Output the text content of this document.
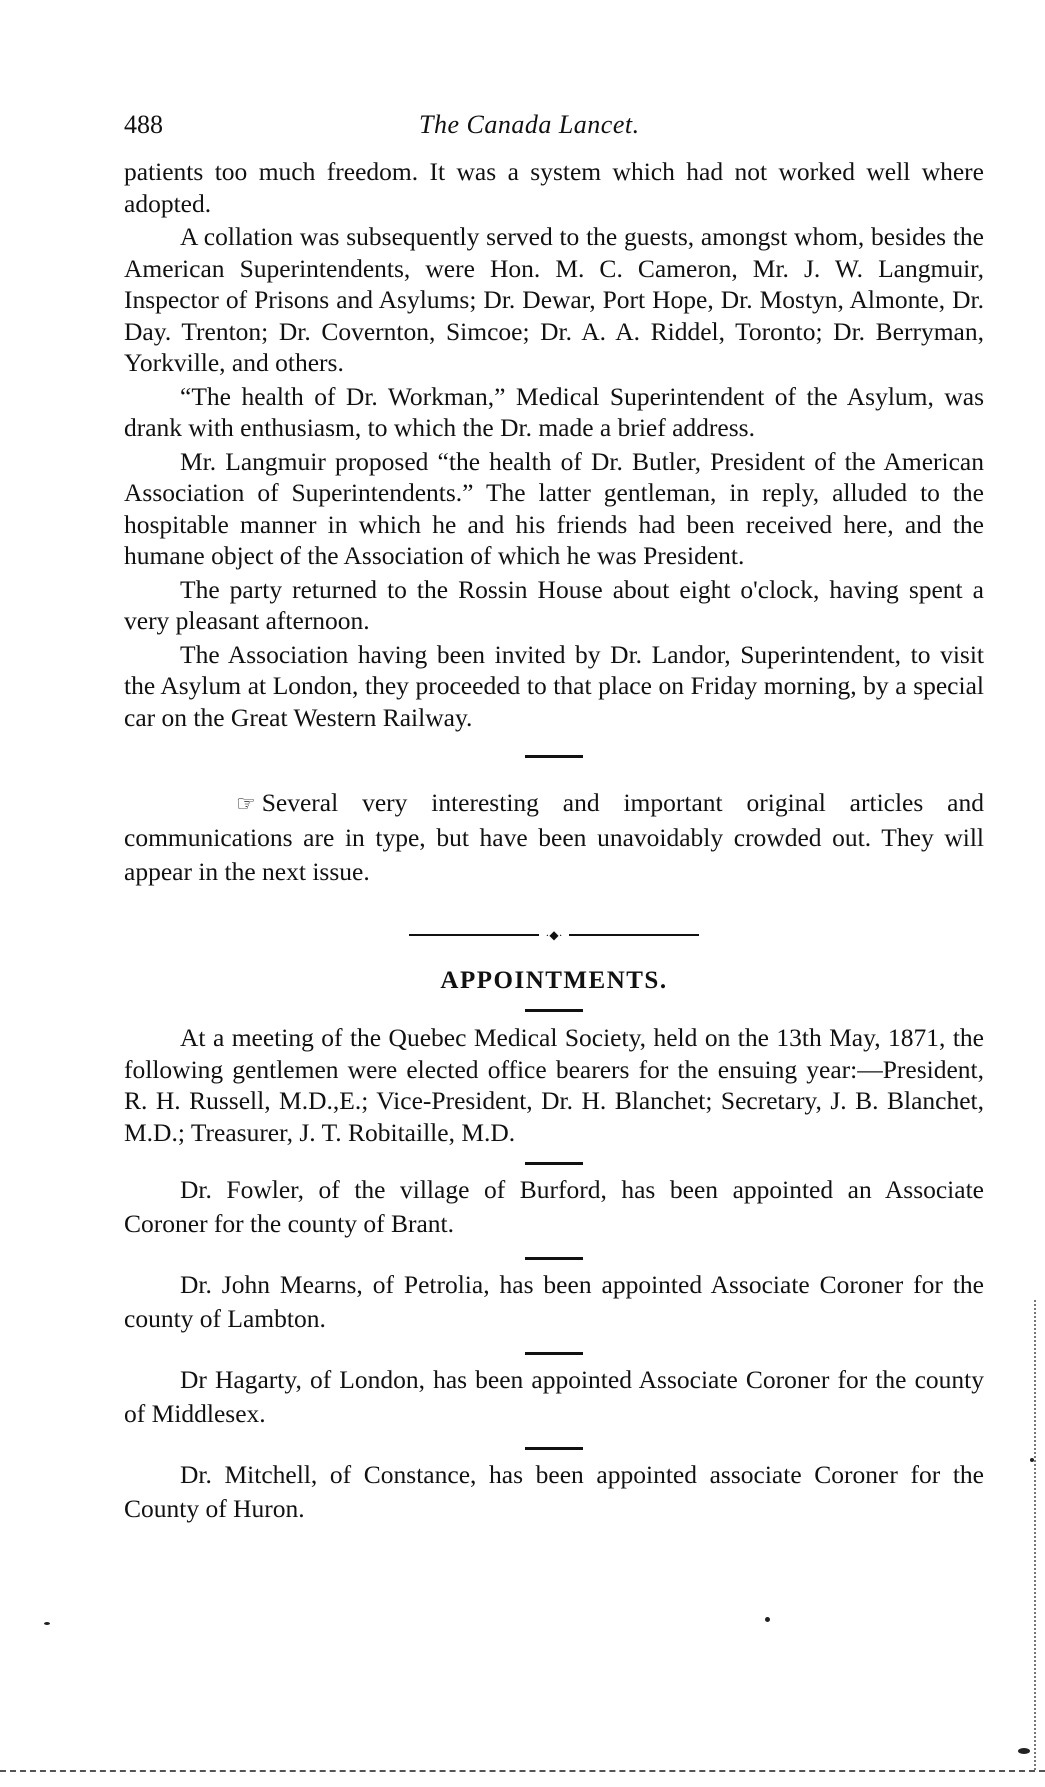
488	The Canada Lancet.

patients too much freedom. It was a system which had not worked well where adopted.

A collation was subsequently served to the guests, amongst whom, besides the American Superintendents, were Hon. M. C. Cameron, Mr. J. W. Langmuir, Inspector of Prisons and Asylums; Dr. Dewar, Port Hope, Dr. Mostyn, Almonte, Dr. Day. Trenton; Dr. Covernton, Simcoe; Dr. A. A. Riddel, Toronto; Dr. Berryman, Yorkville, and others.

“The health of Dr. Workman,” Medical Superintendent of the Asylum, was drank with enthusiasm, to which the Dr. made a brief address.

Mr. Langmuir proposed “the health of Dr. Butler, President of the American Association of Superintendents.” The latter gentleman, in reply, alluded to the hospitable manner in which he and his friends had been received here, and the humane object of the Association of which he was President.

The party returned to the Rossin House about eight o'clock, having spent a very pleasant afternoon.

The Association having been invited by Dr. Landor, Superintendent, to visit the Asylum at London, they proceeded to that place on Friday morning, by a special car on the Great Western Railway.

☞ Several very interesting and important original articles and communications are in type, but have been unavoidably crowded out. They will appear in the next issue.

·◆·
APPOINTMENTS.

At a meeting of the Quebec Medical Society, held on the 13th May, 1871, the following gentlemen were elected office bearers for the ensuing year:—President, R. H. Russell, M.D.,E.; Vice-President, Dr. H. Blanchet; Secretary, J. B. Blanchet, M.D.; Treasurer, J. T. Robitaille, M.D.

Dr. Fowler, of the village of Burford, has been appointed an Associate Coroner for the county of Brant.

Dr. John Mearns, of Petrolia, has been appointed Associate Coroner for the county of Lambton.

Dr Hagarty, of London, has been appointed Associate Coroner for the county of Middlesex.

Dr. Mitchell, of Constance, has been appointed associate Coroner for the County of Huron.
